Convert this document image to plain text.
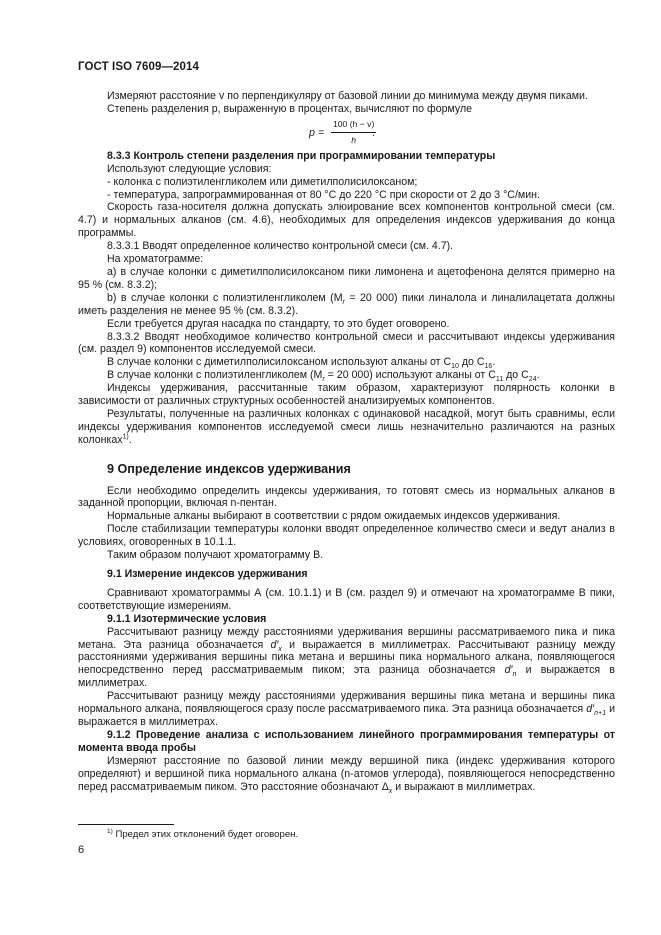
ГОСТ ISO 7609—2014

Измеряют расстояние v по перпендикуляру от базовой линии до минимума между двумя пиками.

Степень разделения p, выраженную в процентах, вычисляют по формуле

$p = \frac{100 (h - v)}{h}$
.

8.3.3 Контроль степени разделения при программировании температуры

Используют следующие условия:

- колонка с полиэтиленгликолем или диметилполисилоксаном;

- температура, запрограммированная от 80 °C до 220 °C при скорости от 2 до 3 °C/мин.

Скорость газа-носителя должна допускать элюирование всех компонентов контрольной смеси (см. 4.7) и нормальных алканов (см. 4.6), необходимых для определения индексов удерживания до конца программы.

8.3.3.1 Вводят определенное количество контрольной смеси (см. 4.7).

На хроматограмме:

a) в случае колонки с диметилполисилоксаном пики лимонена и ацетофенона делятся примерно на 95 % (см. 8.3.2);

b) в случае колонки с полиэтиленгликолем ($M_r = 20$ 000) пики линалола и линалилацетата должны иметь разделения не менее 95 % (см. 8.3.2).

Если требуется другая насадка по стандарту, то это будет оговорено.

8.3.3.2 Вводят необходимое количество контрольной смеси и рассчитывают индексы удерживания (см. раздел 9) компонентов исследуемой смеси.

В случае колонки с диметилполисилоксаном используют алканы от $C_{10}$ до $C_{16}$.

В случае колонки с полиэтиленгликолем ($M_r = 20$ 000) используют алканы от $C_{11}$ до $C_{24}$.

Индексы удерживания, рассчитанные таким образом, характеризуют полярность колонки в зависимости от различных структурных особенностей анализируемых компонентов.

Результаты, полученные на различных колонках с одинаковой насадкой, могут быть сравнимы, если индексы удерживания компонентов исследуемой смеси лишь незначительно различаются на разных колонках$^{1)}$.

9 Определение индексов удерживания

Если необходимо определить индексы удерживания, то готовят смесь из нормальных алканов в заданной пропорции, включая n-пентан.

Нормальные алканы выбирают в соответствии с рядом ожидаемых индексов удерживания.

После стабилизации температуры колонки вводят определенное количество смеси и ведут анализ в условиях, оговоренных в 10.1.1.

Таким образом получают хроматограмму В.

9.1 Измерение индексов удерживания

Сравнивают хроматограммы А (см. 10.1.1) и В (см. раздел 9) и отмечают на хроматограмме В пики, соответствующие измерениям.

9.1.1 Изотермические условия

Рассчитывают разницу между расстояниями удерживания вершины рассматриваемого пика и пика метана. Эта разница обозначается $d'_x$ и выражается в миллиметрах. Рассчитывают разницу между расстояниями удерживания вершины пика метана и вершины пика нормального алкана, появляющегося непосредственно перед рассматриваемым пиком; эта разница обозначается $d'_n$ и выражается в миллиметрах.

Рассчитывают разницу между расстояниями удерживания вершины пика метана и вершины пика нормального алкана, появляющегося сразу после рассматриваемого пика. Эта разница обозначается $d'_{n+1}$ и выражается в миллиметрах.

9.1.2 Проведение анализа с использованием линейного программирования температуры от момента ввода пробы

Измеряют расстояние по базовой линии между вершиной пика (индекс удерживания которого определяют) и вершиной пика нормального алкана (n-атомов углерода), появляющегося непосредственно перед рассматриваемым пиком. Это расстояние обозначают $\Delta_x$ и выражают в миллиметрах.

$^{1)}$ Предел этих отклонений будет оговорен.
6
